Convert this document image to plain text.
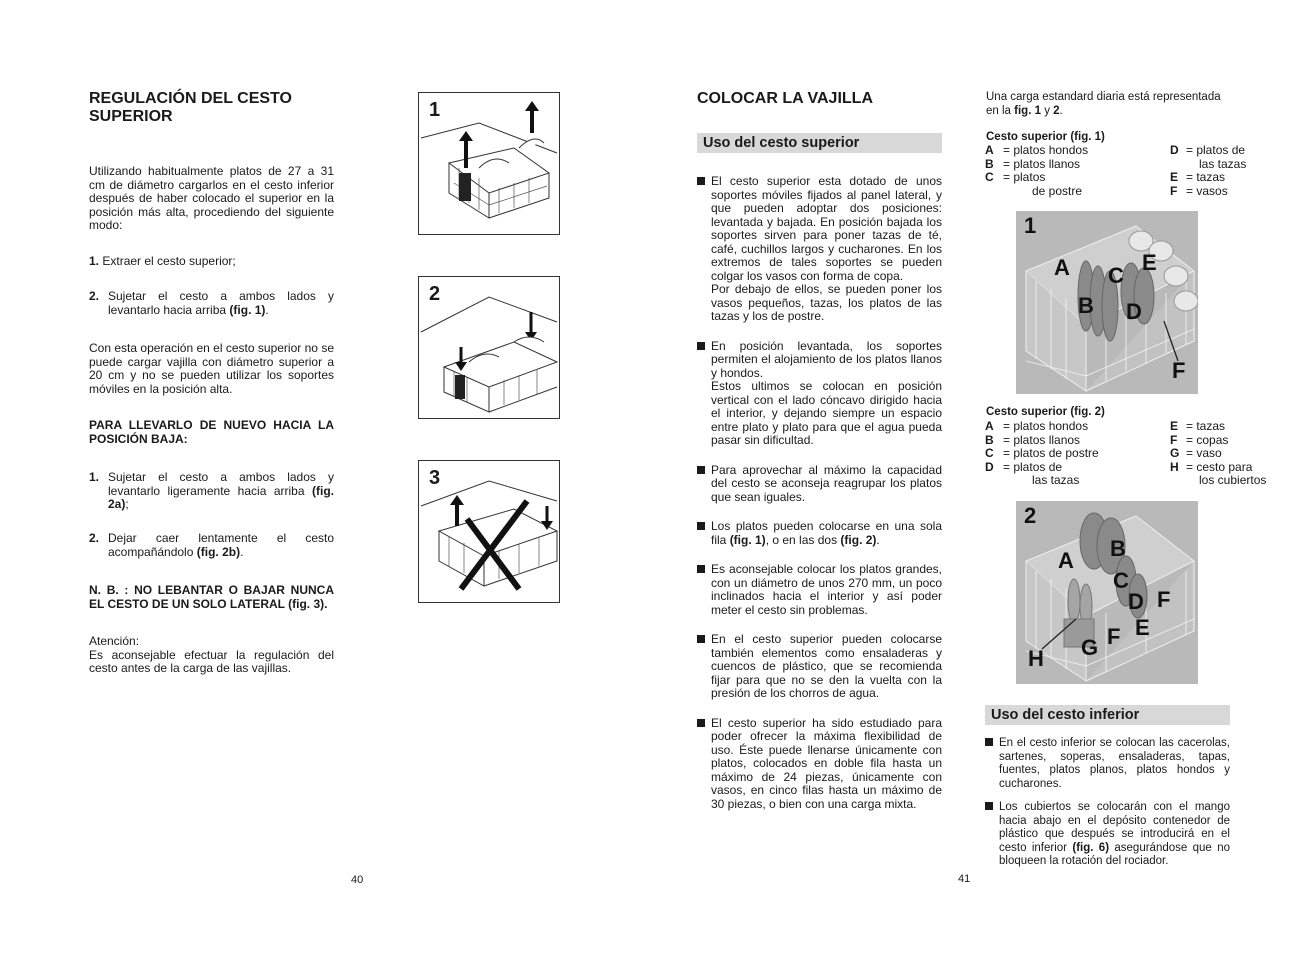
REGULACIÓN DEL CESTO
SUPERIOR
Utilizando habitualmente platos de 27 a 31 cm de diámetro cargarlos en el cesto inferior después de haber colocado el superior en la posición más alta, procediendo del siguiente modo:
1. Extraer el cesto superior;
2. Sujetar el cesto a ambos lados y levantarlo hacia arriba (fig. 1).
Con esta operación en el cesto superior no se puede cargar vajilla con diámetro superior a 20 cm y no se pueden utilizar los soportes móviles en la posición alta.
PARA LLEVARLO DE NUEVO HACIA LA POSICIÓN BAJA:
1. Sujetar el cesto a ambos lados y levantarlo ligeramente hacia arriba (fig. 2a);
2. Dejar caer lentamente el cesto acompañándolo (fig. 2b).
N. B. : NO LEBANTAR O BAJAR NUNCA EL CESTO DE UN SOLO LATERAL (fig. 3).
Atención:
Es aconsejable efectuar la regulación del cesto antes de la carga de las vajillas.
1
2
3
40
COLOCAR LA VAJILLA
Uso del cesto superior
El cesto superior esta dotado de unos soportes móviles fijados al panel lateral, y que pueden adoptar dos posiciones: levantada y bajada. En posición bajada los soportes sirven para poner tazas de té, café, cuchillos largos y cucharones. En los extremos de tales soportes se pueden colgar los vasos con forma de copa.
Por debajo de ellos, se pueden poner los vasos pequeños, tazas, los platos de las tazas y los de postre.
En posición levantada, los soportes permiten el alojamiento de los platos llanos y hondos.
Estos ultimos se colocan en posición vertical con el lado cóncavo dirigido hacia el interior, y dejando siempre un espacio entre plato y plato para que el agua pueda pasar sin dificultad.
Para aprovechar al máximo la capacidad del cesto se aconseja reagrupar los platos que sean iguales.
Los platos pueden colocarse en una sola fila (fig. 1), o en las dos (fig. 2).
Es aconsejable colocar los platos grandes, con un diámetro de unos 270 mm, un poco inclinados hacia el interior y así poder meter el cesto sin problemas.
En el cesto superior pueden colocarse también elementos como ensaladeras y cuencos de plástico, que se recomienda fijar para que no se den la vuelta con la presión de los chorros de agua.
El cesto superior ha sido estudiado para poder ofrecer la máxima flexibilidad de uso. Éste puede llenarse únicamente con platos, colocados en doble fila hasta un máximo de 24 piezas, únicamente con vasos, en cinco filas hasta un máximo de 30 piezas, o bien con una carga mixta.
41
Una carga estandard diaria está representada en la fig. 1 y 2.
Cesto superior (fig. 1)
A	= platos hondos	D	= platos de
B	= platos llanos		las tazas
C	= platos	E	= tazas
	de postre	F	= vasos
1
A
B
C
D
E
F
Cesto superior (fig. 2)
A	= platos hondos	E	= tazas
B	= platos llanos	F	= copas
C	= platos de postre	G	= vaso
D	= platos de	H	= cesto para
	las tazas		los cubiertos
2
A B
C
D F
E
F
G
H
Uso del cesto inferior
En el cesto inferior se colocan las cacerolas, sartenes, soperas, ensaladeras, tapas, fuentes, platos planos, platos hondos y cucharones.
Los cubiertos se colocarán con el mango hacia abajo en el depósito contenedor de plástico que después se introducirá en el cesto inferior (fig. 6) asegurándose que no bloqueen la rotación del rociador.
